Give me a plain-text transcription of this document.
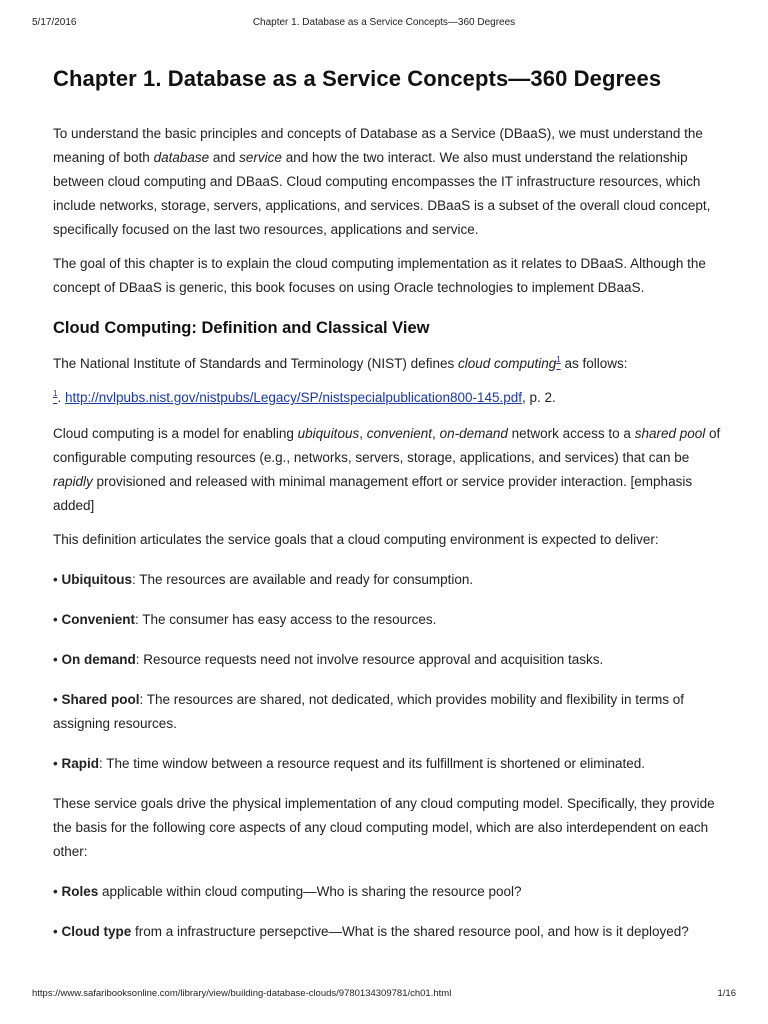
5/17/2016	Chapter 1. Database as a Service Concepts—360 Degrees
Chapter 1. Database as a Service Concepts—360 Degrees

To understand the basic principles and concepts of Database as a Service (DBaaS), we must understand the meaning of both database and service and how the two interact. We also must understand the relationship between cloud computing and DBaaS. Cloud computing encompasses the IT infrastructure resources, which include networks, storage, servers, applications, and services. DBaaS is a subset of the overall cloud concept, specifically focused on the last two resources, applications and service.

The goal of this chapter is to explain the cloud computing implementation as it relates to DBaaS. Although the concept of DBaaS is generic, this book focuses on using Oracle technologies to implement DBaaS.

Cloud Computing: Definition and Classical View

The National Institute of Standards and Terminology (NIST) defines cloud computing$^1$ as follows:

$^1$. http://nvlpubs.nist.gov/nistpubs/Legacy/SP/nistspecialpublication800-145.pdf, p. 2.

Cloud computing is a model for enabling ubiquitous, convenient, on-demand network access to a shared pool of configurable computing resources (e.g., networks, servers, storage, applications, and services) that can be rapidly provisioned and released with minimal management effort or service provider interaction. [emphasis added]

This definition articulates the service goals that a cloud computing environment is expected to deliver:

• Ubiquitous: The resources are available and ready for consumption.

• Convenient: The consumer has easy access to the resources.

• On demand: Resource requests need not involve resource approval and acquisition tasks.

• Shared pool: The resources are shared, not dedicated, which provides mobility and flexibility in terms of assigning resources.

• Rapid: The time window between a resource request and its fulfillment is shortened or eliminated.

These service goals drive the physical implementation of any cloud computing model. Specifically, they provide the basis for the following core aspects of any cloud computing model, which are also interdependent on each other:

• Roles applicable within cloud computing—Who is sharing the resource pool?

• Cloud type from a infrastructure persepctive—What is the shared resource pool, and how is it deployed?

https://www.safaribooksonline.com/library/view/building-database-clouds/9780134309781/ch01.html	1/16
